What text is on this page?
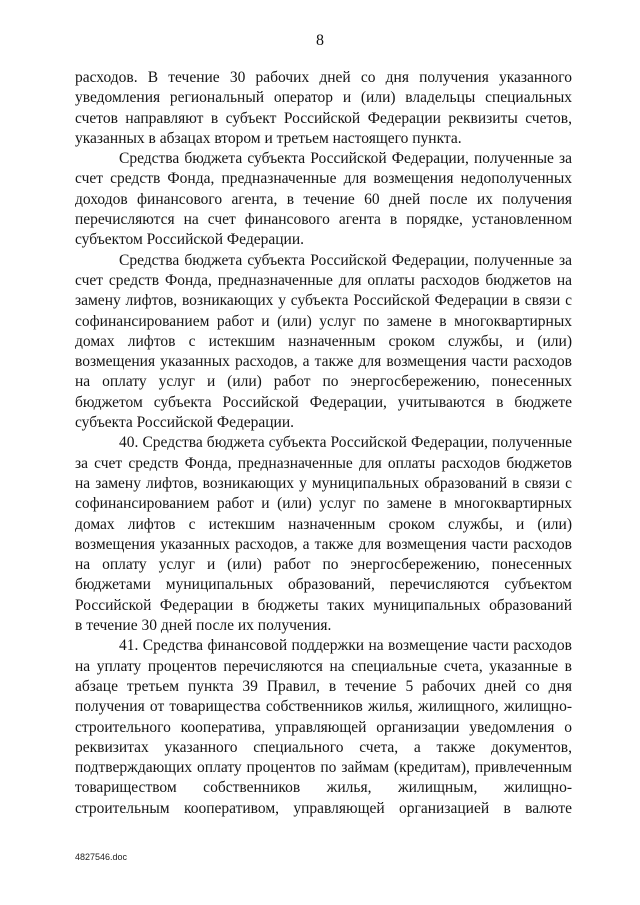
8
расходов. В течение 30 рабочих дней со дня получения указанного
уведомления региональный оператор и (или) владельцы специальных
счетов направляют в субъект Российской Федерации реквизиты счетов,
указанных в абзацах втором и третьем настоящего пункта.
Средства бюджета субъекта Российской Федерации, полученные за
счет средств Фонда, предназначенные для возмещения недополученных
доходов финансового агента, в течение 60 дней после их получения
перечисляются на счет финансового агента в порядке, установленном
субъектом Российской Федерации.
Средства бюджета субъекта Российской Федерации, полученные за
счет средств Фонда, предназначенные для оплаты расходов бюджетов на
замену лифтов, возникающих у субъекта Российской Федерации в связи с
софинансированием работ и (или) услуг по замене в многоквартирных
домах лифтов с истекшим назначенным сроком службы, и (или)
возмещения указанных расходов, а также для возмещения части расходов
на оплату услуг и (или) работ по энергосбережению, понесенных
бюджетом субъекта Российской Федерации, учитываются в бюджете
субъекта Российской Федерации.
40. Средства бюджета субъекта Российской Федерации, полученные
за счет средств Фонда, предназначенные для оплаты расходов бюджетов
на замену лифтов, возникающих у муниципальных образований в связи с
софинансированием работ и (или) услуг по замене в многоквартирных
домах лифтов с истекшим назначенным сроком службы, и (или)
возмещения указанных расходов, а также для возмещения части расходов
на оплату услуг и (или) работ по энергосбережению, понесенных
бюджетами муниципальных образований, перечисляются субъектом
Российской Федерации в бюджеты таких муниципальных образований
в течение 30 дней после их получения.
41. Средства финансовой поддержки на возмещение части расходов
на уплату процентов перечисляются на специальные счета, указанные в
абзаце третьем пункта 39 Правил, в течение 5 рабочих дней со дня
получения от товарищества собственников жилья, жилищного, жилищно-
строительного кооператива, управляющей организации уведомления о
реквизитах указанного специального счета, а также документов,
подтверждающих оплату процентов по займам (кредитам), привлеченным
товариществом собственников жилья, жилищным, жилищно-
строительным кооперативом, управляющей организацией в валюте
4827546.doc
